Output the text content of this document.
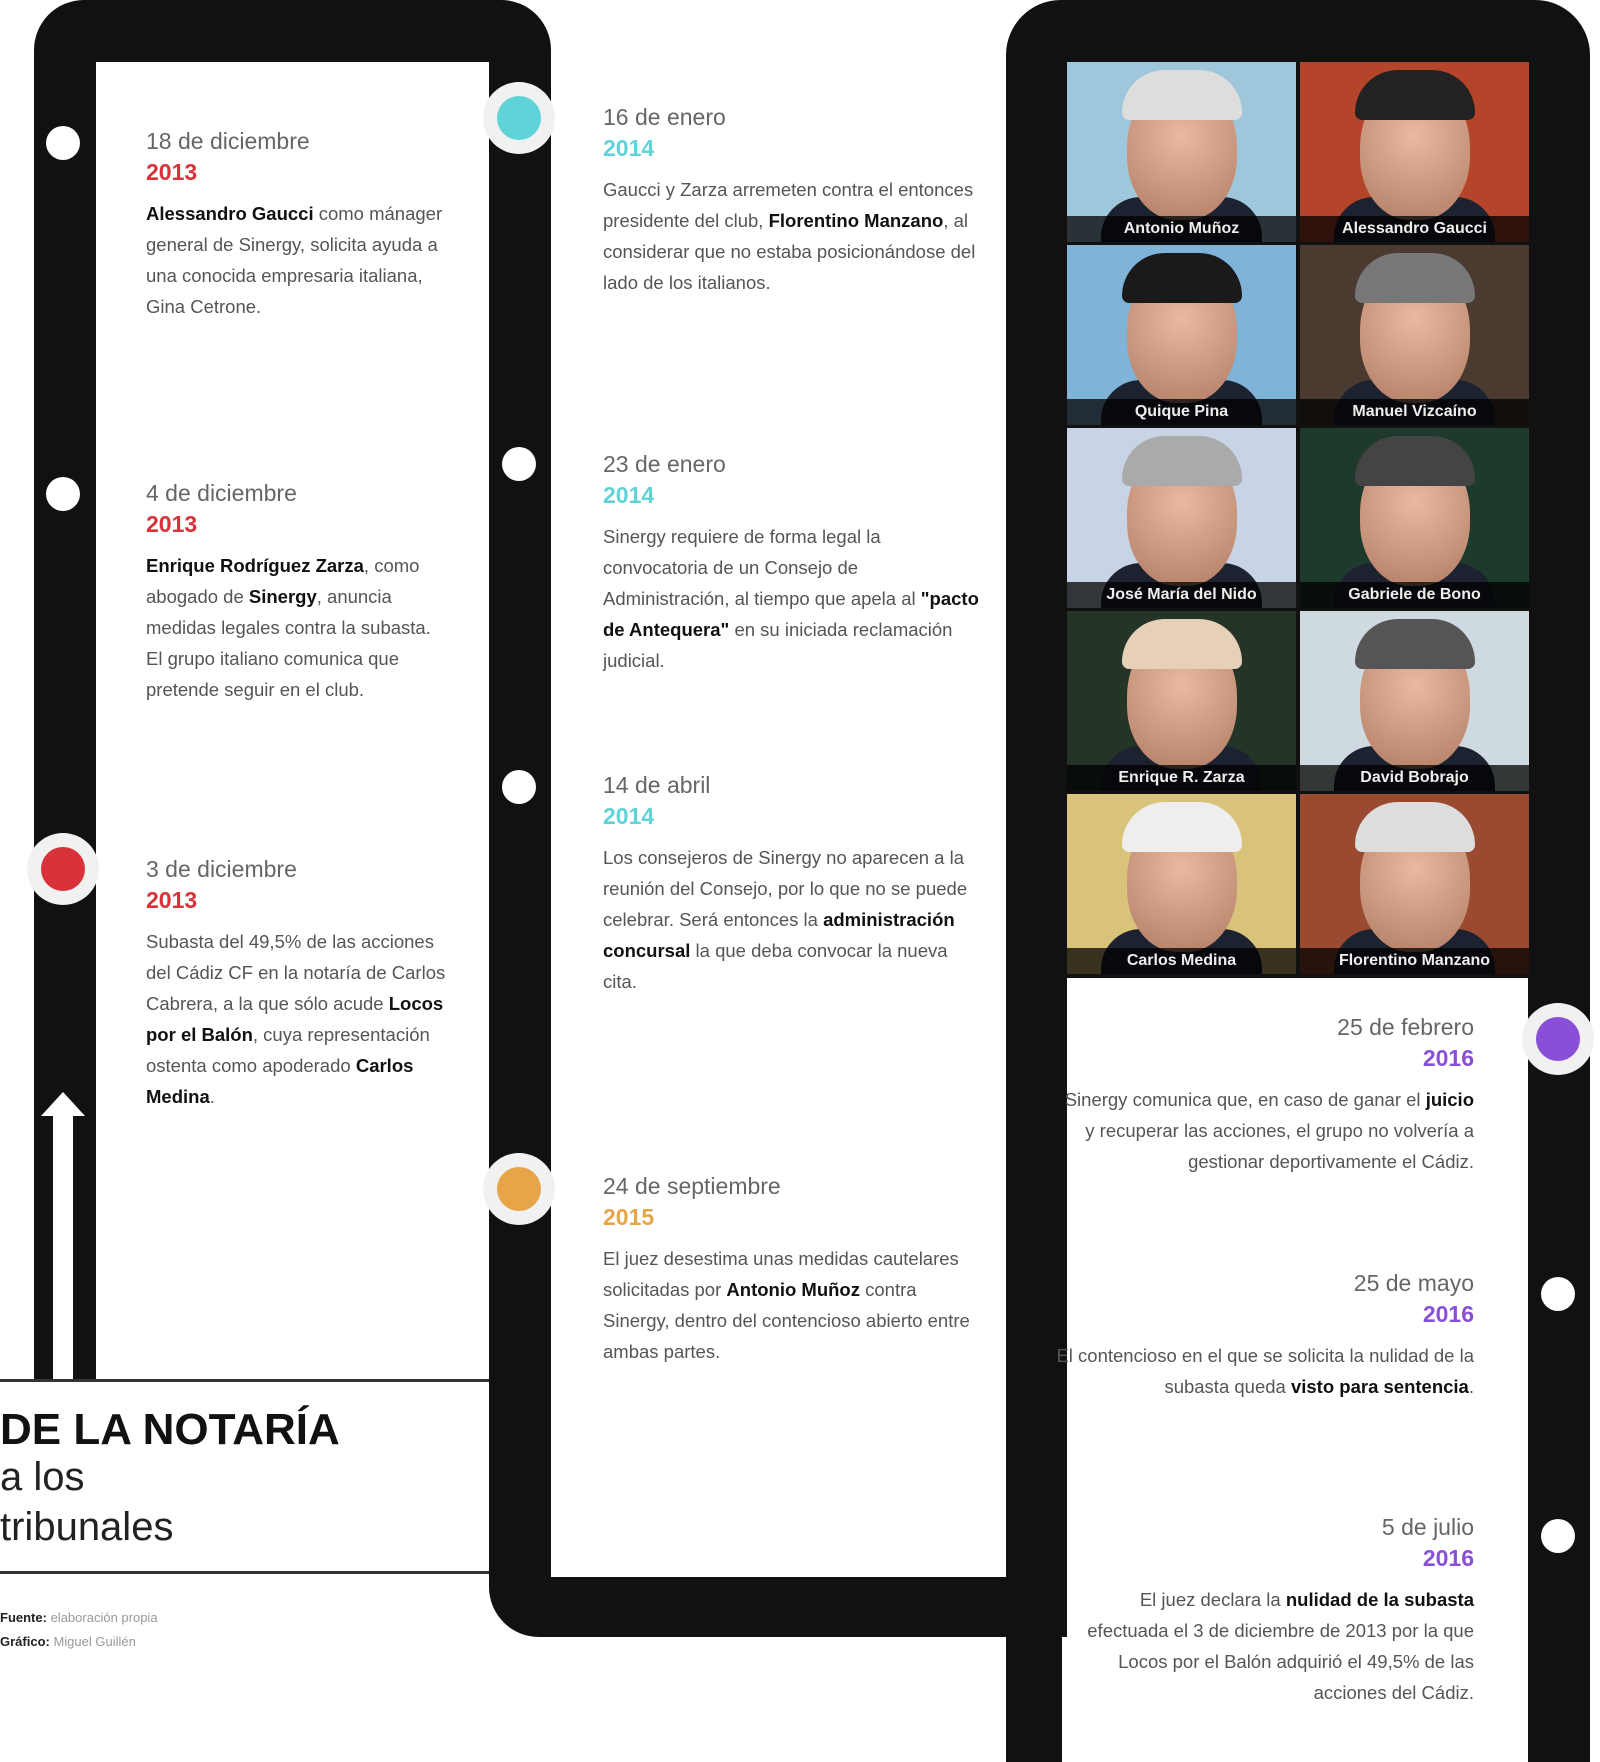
18 de diciembre
2013
Alessandro Gaucci como mánager general de Sinergy, solicita ayuda a una conocida empresaria italiana, Gina Cetrone.
4 de diciembre
2013
Enrique Rodríguez Zarza, como abogado de Sinergy, anuncia medidas legales contra la subasta. El grupo italiano comunica que pretende seguir en el club.
3 de diciembre
2013
Subasta del 49,5% de las acciones del Cádiz CF en la notaría de Carlos Cabrera, a la que sólo acude Locos por el Balón, cuya representación ostenta como apoderado Carlos Medina.
16 de enero
2014
Gaucci y Zarza arremeten contra el entonces presidente del club, Florentino Manzano, al considerar que no estaba posicionándose del lado de los italianos.
23 de enero
2014
Sinergy requiere de forma legal la convocatoria de un Consejo de Administración, al tiempo que apela al "pacto de Antequera" en su iniciada reclamación judicial.
14 de abril
2014
Los consejeros de Sinergy no aparecen a la reunión del Consejo, por lo que no se puede celebrar. Será entonces la administración concursal la que deba convocar la nueva cita.
24 de septiembre
2015
El juez desestima unas medidas cautelares solicitadas por Antonio Muñoz contra Sinergy, dentro del contencioso abierto entre ambas partes.
25 de febrero
2016
Sinergy comunica que, en caso de ganar el juicio y recuperar las acciones, el grupo no volvería a gestionar deportivamente el Cádiz.
25 de mayo
2016
El contencioso en el que se solicita la nulidad de la subasta queda visto para sentencia.
5 de julio
2016
El juez declara la nulidad de la subasta efectuada el 3 de diciembre de 2013 por la que Locos por el Balón adquirió el 49,5% de las acciones del Cádiz.
Antonio Muñoz	Alessandro Gaucci
Quique Pina	Manuel Vizcaíno
José María del Nido	Gabriele de Bono
Enrique R. Zarza	David Bobrajo
Carlos Medina	Florentino Manzano
DE LA NOTARÍA
a los
tribunales
Fuente: elaboración propia
Gráfico: Miguel Guillén
